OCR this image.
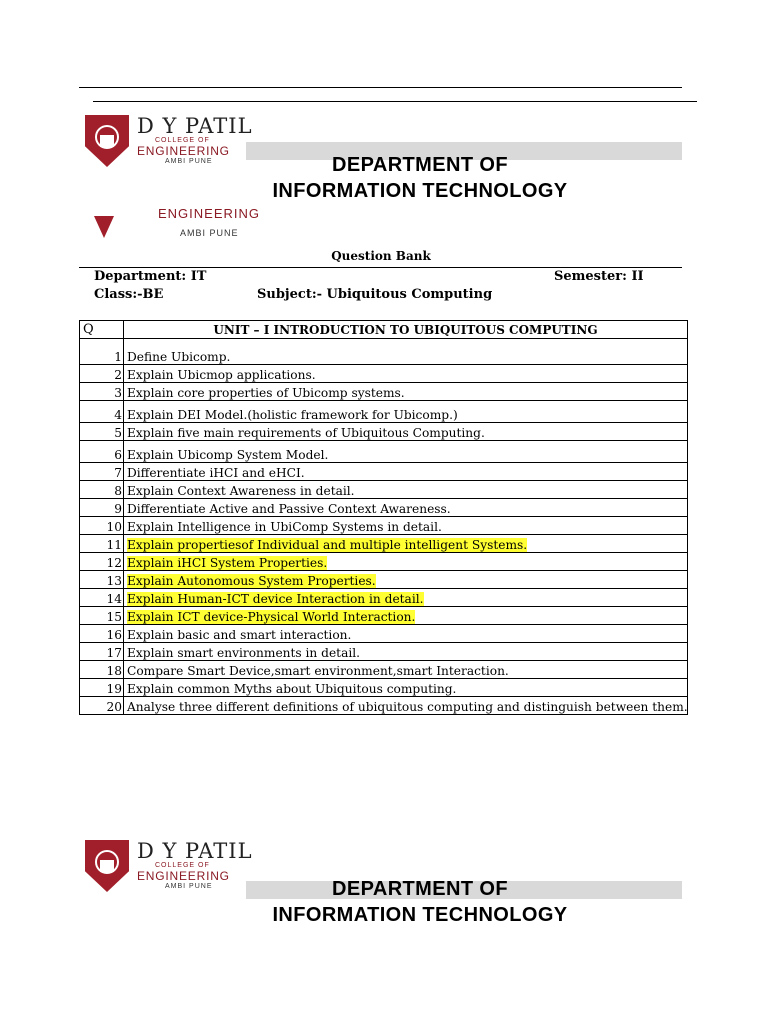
D Y PATIL
COLLEGE OF
ENGINEERING
AMBI PUNE	DEPARTMENT OF
INFORMATION TECHNOLOGY
ENGINEERING
AMBI PUNE
Question Bank
Department: IT	Semester: II
Class:-BE	Subject:- Ubiquitous Computing
Q	UNIT – I INTRODUCTION TO UBIQUITOUS COMPUTING
1	Define Ubicomp.
2	Explain Ubicmop applications.
3	Explain core properties of Ubicomp systems.
4	Explain DEI Model.(holistic framework for Ubicomp.)
5	Explain five main requirements of Ubiquitous Computing.
6	Explain Ubicomp System Model.
7	Differentiate iHCI and eHCI.
8	Explain Context Awareness in detail.
9	Differentiate Active and Passive Context Awareness.
10	Explain Intelligence in UbiComp Systems in detail.
11	Explain propertiesof Individual and multiple intelligent Systems.
12	Explain iHCI System Properties.
13	Explain Autonomous System Properties.
14	Explain Human-ICT device Interaction in detail.
15	Explain ICT device-Physical World Interaction.
16	Explain basic and smart interaction.
17	Explain smart environments in detail.
18	Compare Smart Device,smart environment,smart Interaction.
19	Explain common Myths about Ubiquitous computing.
20	Analyse three different definitions of ubiquitous computing and distinguish between them.
D Y PATIL
COLLEGE OF
ENGINEERING
AMBI PUNE	DEPARTMENT OF
INFORMATION TECHNOLOGY
